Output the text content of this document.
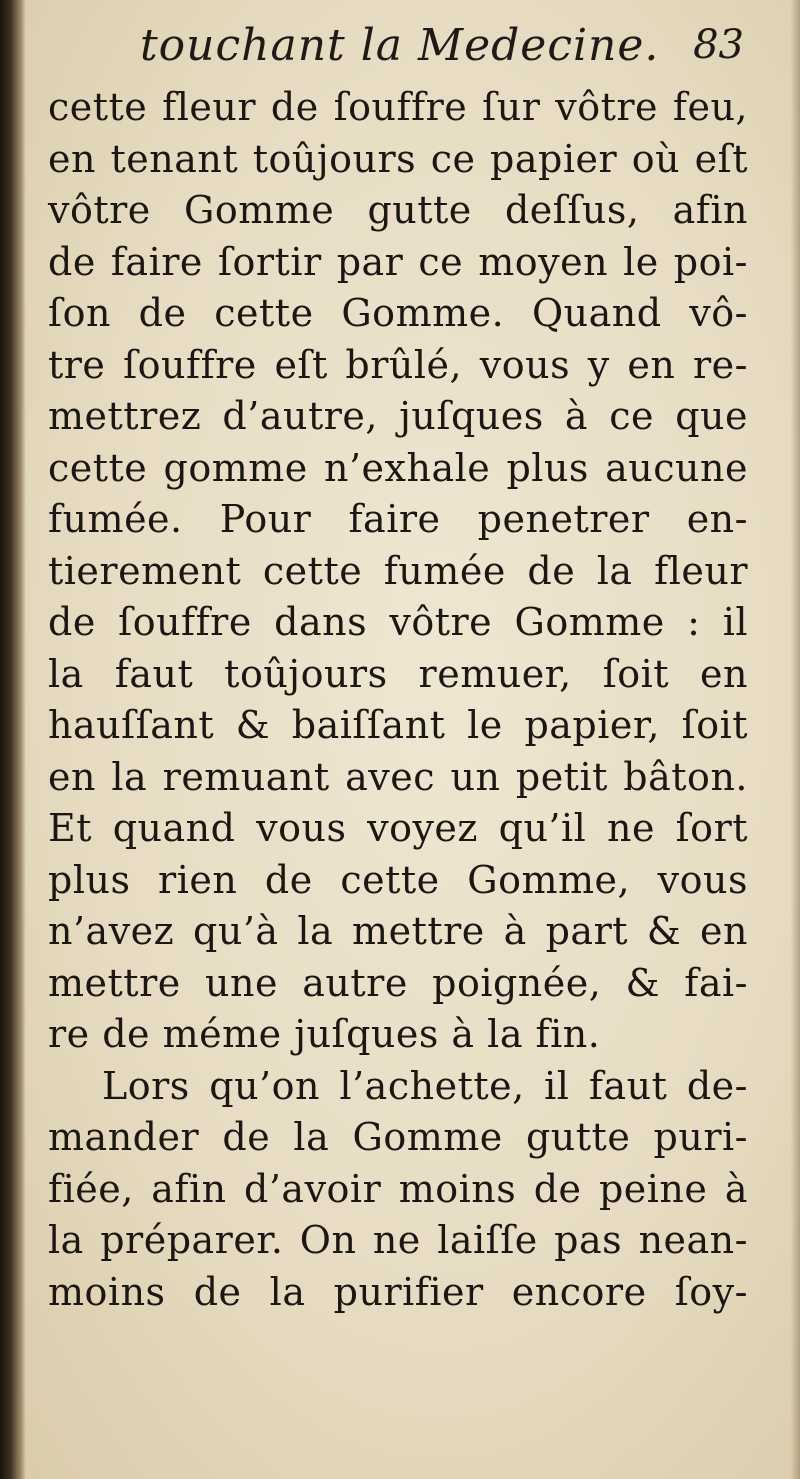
touchant la Medecine. 83
cette fleur de ſouffre ſur vôtre feu,
en tenant toûjours ce papier où eſt
vôtre Gomme gutte deſſus, afin
de faire ſortir par ce moyen le poi-
ſon de cette Gomme. Quand vô-
tre ſouffre eſt brûlé, vous y en re-
mettrez d’autre, juſques à ce que
cette gomme n’exhale plus aucune
fumée. Pour faire penetrer en-
tierement cette fumée de la fleur
de ſouffre dans vôtre Gomme : il
la faut toûjours remuer, ſoit en
hauſſant & baiſſant le papier, ſoit
en la remuant avec un petit bâton.
Et quand vous voyez qu’il ne ſort
plus rien de cette Gomme, vous
n’avez qu’à la mettre à part & en
mettre une autre poignée, & fai-
re de méme juſques à la fin.
Lors qu’on l’achette, il faut de-
mander de la Gomme gutte puri-
fiée, afin d’avoir moins de peine à
la préparer. On ne laiſſe pas nean-
moins de la purifier encore ſoy-
